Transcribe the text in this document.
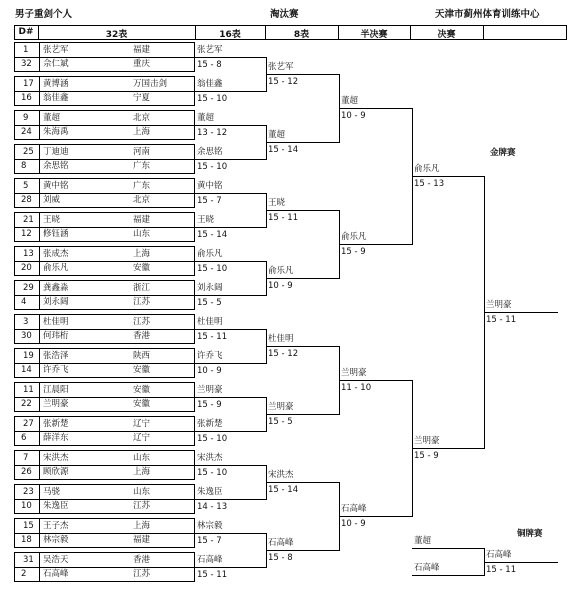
男子重剑个人	淘汰赛	天津市蓟州体育训练中心
D#	32表	16表	8表	半决赛	决赛
1 张艺军	福建
32 佘仁斌	重庆
17 黄博涵	万国击剑
16 翁佳鑫	宁夏
9 董超	北京
24 朱海禹	上海
25 丁迪迪	河南
8 余思铭	广东
5 黄中铭	广东
28 刘威	北京
21 王晓	福建
12 修钰涵	山东
13 张成杰	上海
20 俞乐凡	安徽
29 龚鑫淼	浙江
4 刘永阔	江苏
3 杜佳明	江苏
30 何玮桁	香港
19 张浩泽	陕西
14 许乔飞	安徽
11 江晨阳	安徽
22 兰明豪	安徽
27 张新楚	辽宁
6 薛洋东	辽宁
7 宋洪杰	山东
26 顾欣源	上海
23 马骁	山东
10 朱逸臣	江苏
15 王子杰	上海
18 林宗毅	福建
31 吴浩天	香港
2 石高峰	江苏
张艺军
15 - 8
翁佳鑫
15 - 10
董超
13 - 12
余思铭
15 - 10
黄中铭
15 - 7
王晓
15 - 14
俞乐凡
15 - 10
刘永阔
15 - 5
杜佳明
15 - 11
许乔飞
10 - 9
兰明豪
15 - 9
张新楚
15 - 10
宋洪杰
15 - 10
朱逸臣
14 - 13
林宗毅
15 - 7
石高峰
15 - 11
张艺军
15 - 12
董超
15 - 14
王晓
15 - 11
俞乐凡
10 - 9
杜佳明
15 - 12
兰明豪
15 - 5
宋洪杰
15 - 14
石高峰
15 - 8
董超
10 - 9
俞乐凡
15 - 9
兰明豪
11 - 10
石高峰
10 - 9
俞乐凡
15 - 13
兰明豪
15 - 9
兰明豪
15 - 11
董超
石高峰
石高峰
15 - 11
金牌赛
铜牌赛
